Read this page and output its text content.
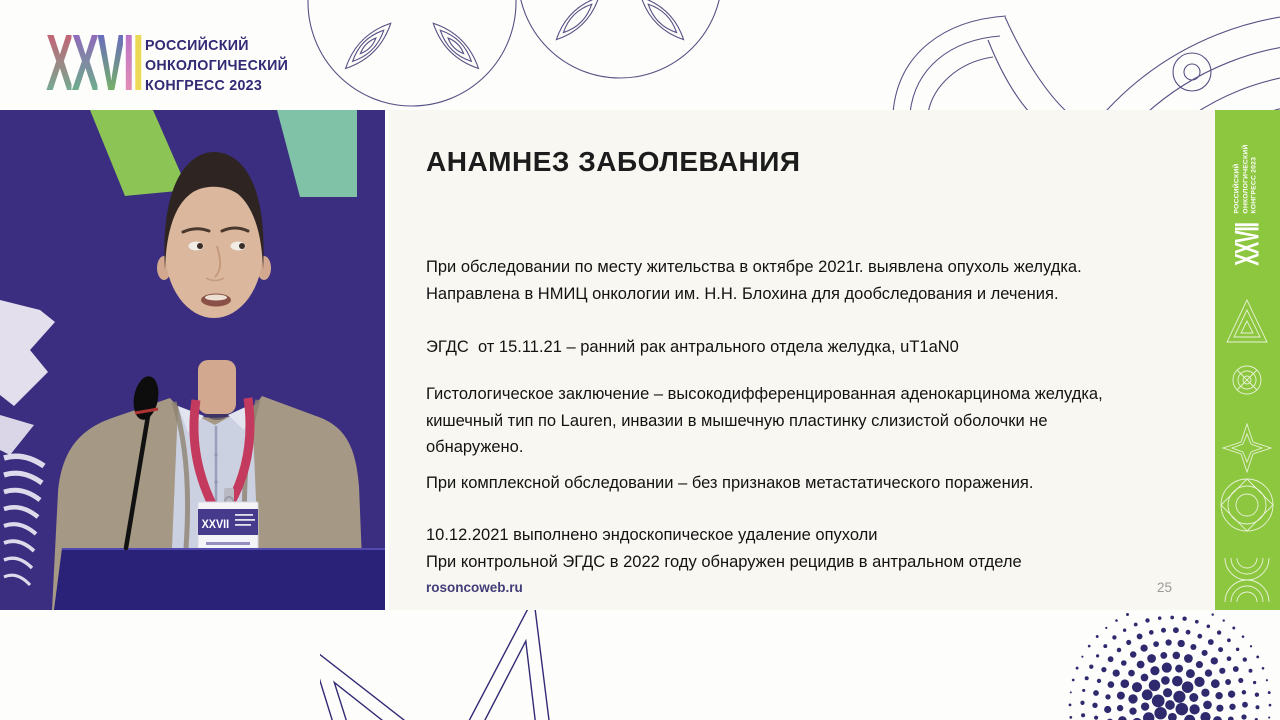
XXVII РОССИЙСКИЙ
ОНКОЛОГИЧЕСКИЙ
КОНГРЕСС 2023
XXVII
АНАМНЕЗ ЗАБОЛЕВАНИЯ
При обследовании по месту жительства в октябре 2021г. выявлена опухоль желудка. Направлена в НМИЦ онкологии им. Н.Н. Блохина для дообследования и лечения.
ЭГДС  от 15.11.21 – ранний рак антрального отдела желудка, uT1aN0
Гистологическое заключение – высокодифференцированная аденокарцинома желудка, кишечный тип по Lauren, инвазии в мышечную пластинку слизистой оболочки не обнаружено.
При комплексной обследовании – без признаков метастатического поражения.
10.12.2021 выполнено эндоскопическое удаление опухоли
При контрольной ЭГДС в 2022 году обнаружен рецидив в антральном отделе
rosoncoweb.ru	25
XXVII
РОССИЙСКИЙ ОНКОЛОГИЧЕСКИЙ КОНГРЕСС 2023
